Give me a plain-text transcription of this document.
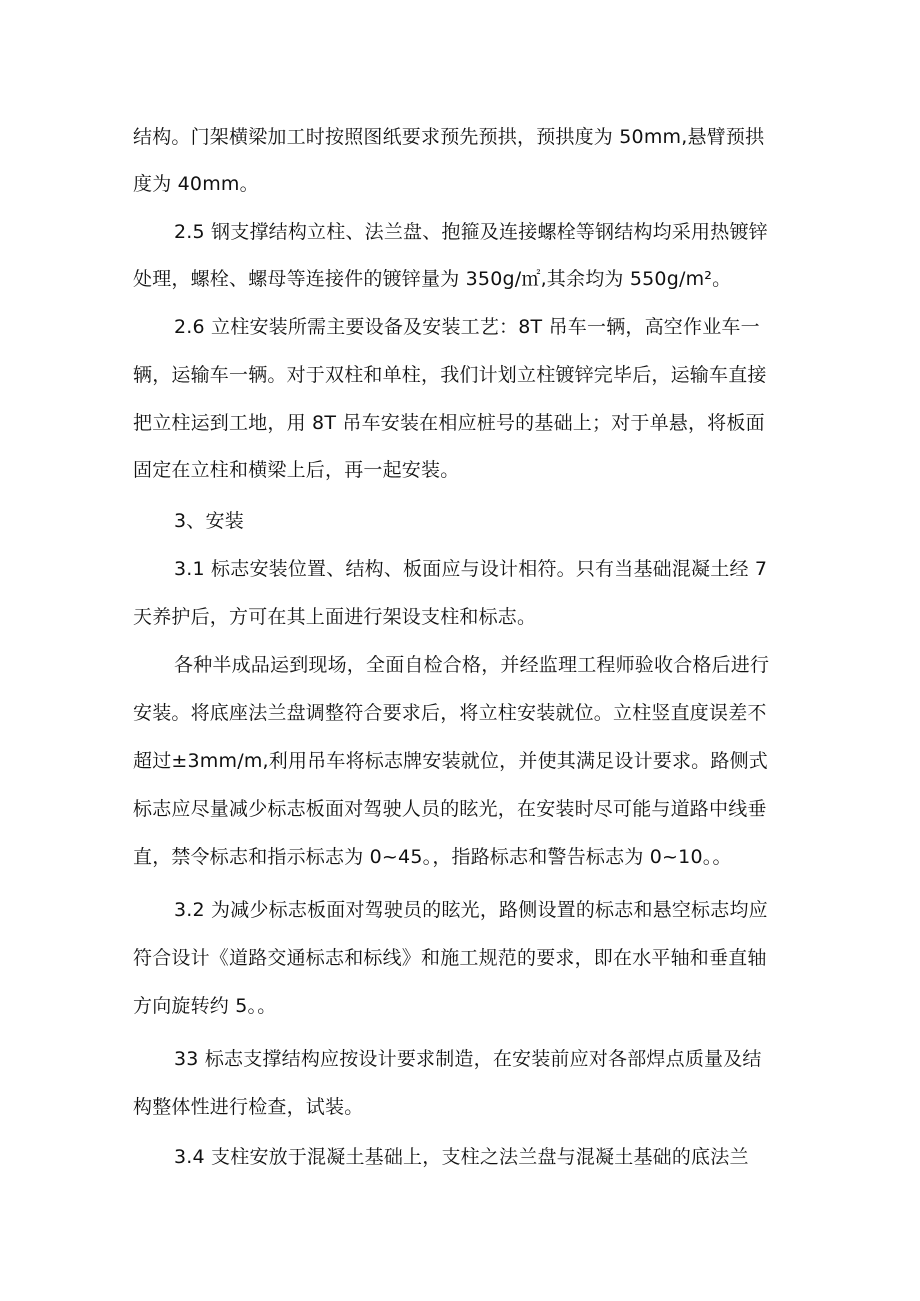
结构。门架横梁加工时按照图纸要求预先预拱，预拱度为 50mm,悬臂预拱
度为 40mm。
2.5 钢支撑结构立柱、法兰盘、抱箍及连接螺栓等钢结构均采用热镀锌
处理，螺栓、螺母等连接件的镀锌量为 350g/㎡,其余均为 550g/m²。
2.6 立柱安装所需主要设备及安装工艺：8T 吊车一辆，高空作业车一
辆，运输车一辆。对于双柱和单柱，我们计划立柱镀锌完毕后，运输车直接
把立柱运到工地，用 8T 吊车安装在相应桩号的基础上；对于单悬，将板面
固定在立柱和横梁上后，再一起安装。
3、安装
3.1 标志安装位置、结构、板面应与设计相符。只有当基础混凝土经 7
天养护后，方可在其上面进行架设支柱和标志。
各种半成品运到现场，全面自检合格，并经监理工程师验收合格后进行
安装。将底座法兰盘调整符合要求后，将立柱安装就位。立柱竖直度误差不
超过±3mm/m,利用吊车将标志牌安装就位，并使其满足设计要求。路侧式
标志应尽量减少标志板面对驾驶人员的眩光，在安装时尽可能与道路中线垂
直，禁令标志和指示标志为 0~45。，指路标志和警告标志为 0~10。。
3.2 为减少标志板面对驾驶员的眩光，路侧设置的标志和悬空标志均应
符合设计《道路交通标志和标线》和施工规范的要求，即在水平轴和垂直轴
方向旋转约 5。。
33 标志支撑结构应按设计要求制造，在安装前应对各部焊点质量及结
构整体性进行检查，试装。
3.4 支柱安放于混凝土基础上，支柱之法兰盘与混凝土基础的底法兰
